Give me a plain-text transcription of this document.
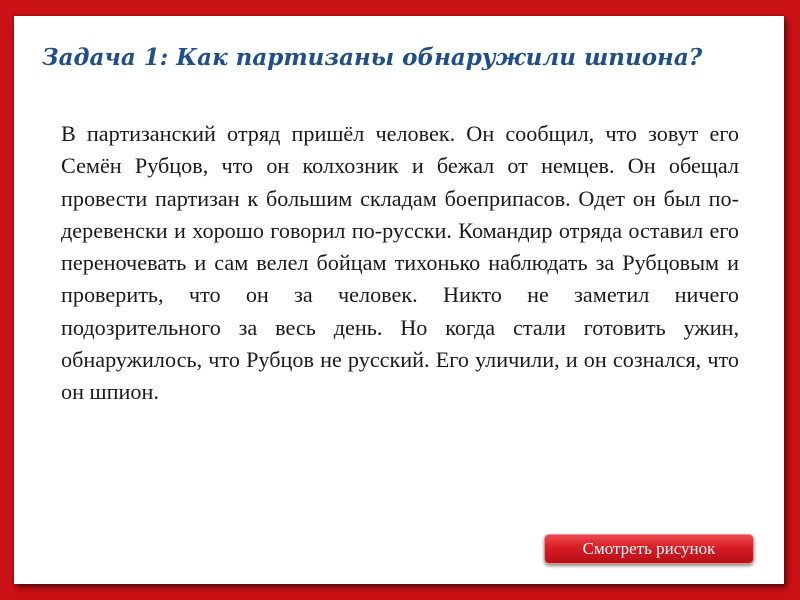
Задача 1: Как партизаны обнаружили шпиона?

В партизанский отряд пришёл человек. Он сообщил, что зовут его Семён Рубцов, что он колхозник и бежал от немцев. Он обещал провести партизан к большим складам боеприпасов. Одет он был по-деревенски и хорошо говорил по-русски. Командир отряда оставил его переночевать и сам велел бойцам тихонько наблюдать за Рубцовым и проверить, что он за человек. Никто не заметил ничего подозрительного за весь день. Но когда стали готовить ужин, обнаружилось, что Рубцов не русский. Его уличили, и он сознался, что он шпион.

Смотреть рисунок
